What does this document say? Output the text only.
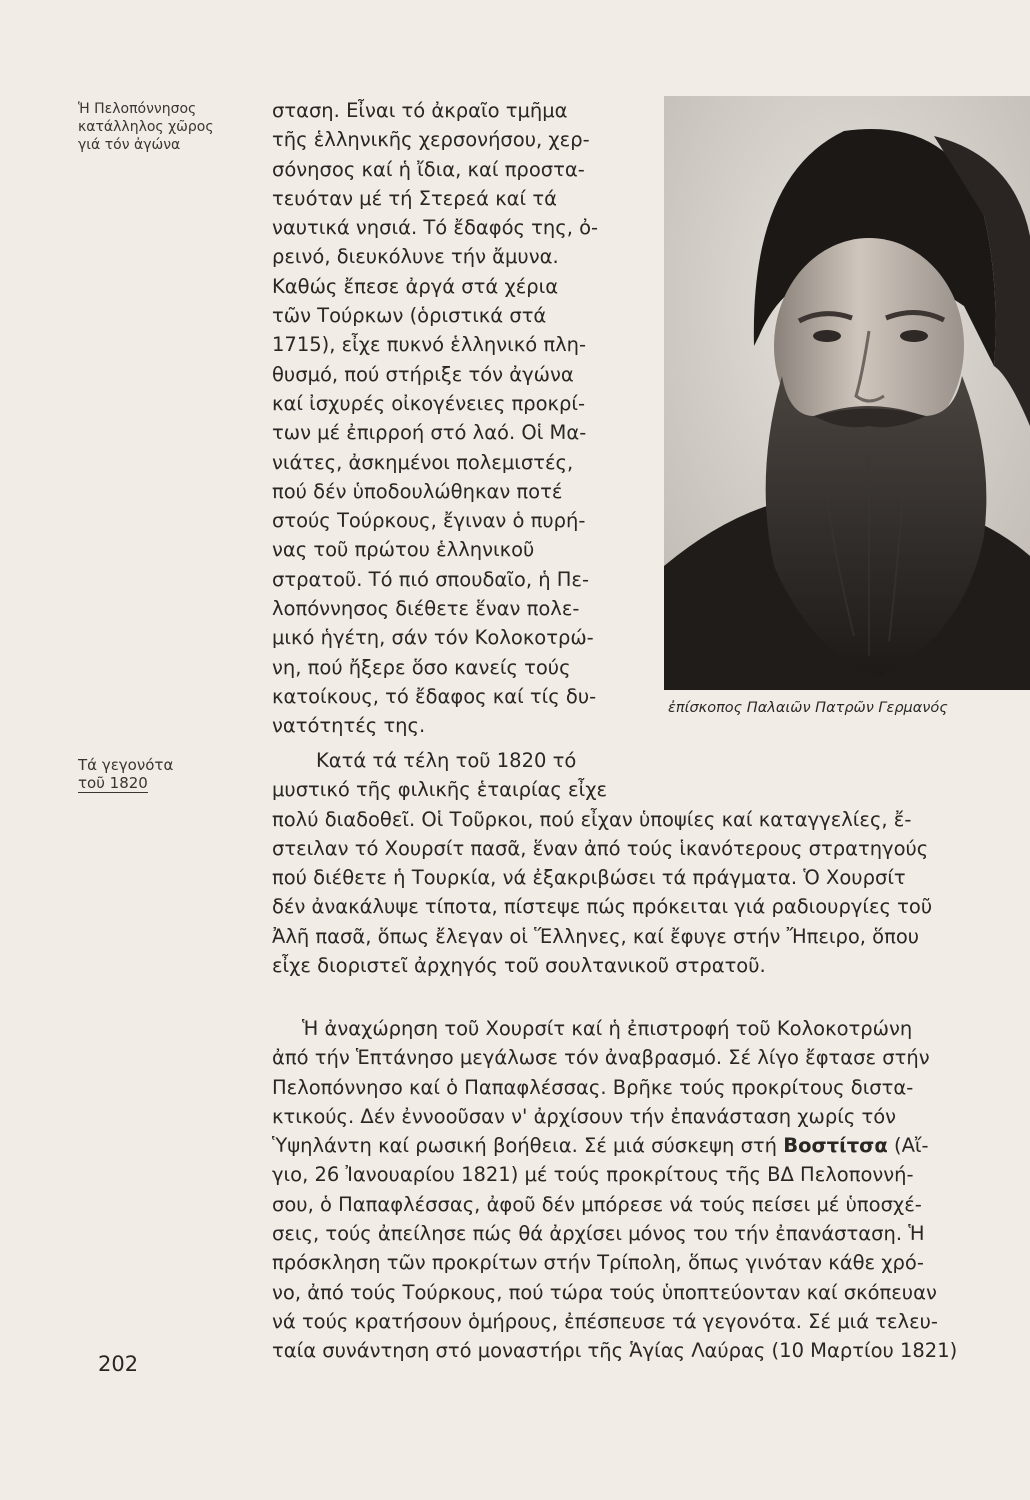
Ἡ Πελοπόννησος
κατάλληλος χῶρος
γιά τόν ἀγώνα
Τά γεγονότα
τοῦ 1820
σταση. Εἶναι τό ἀκραῖο τμῆμα
τῆς ἑλληνικῆς χερσονήσου, χερ-
σόνησος καί ἡ ἴδια, καί προστα-
τευόταν μέ τή Στερεά καί τά
ναυτικά νησιά. Τό ἔδαφός της, ὀ-
ρεινό, διευκόλυνε τήν ἄμυνα.
Καθώς ἔπεσε ἀργά στά χέρια
τῶν Τούρκων (ὁριστικά στά
1715), εἶχε πυκνό ἑλληνικό πλη-
θυσμό, πού στήριξε τόν ἀγώνα
καί ἰσχυρές οἰκογένειες προκρί-
των μέ ἐπιρροή στό λαό. Οἱ Μα-
νιάτες, ἀσκημένοι πολεμιστές,
πού δέν ὑποδουλώθηκαν ποτέ
στούς Τούρκους, ἔγιναν ὁ πυρή-
νας τοῦ πρώτου ἑλληνικοῦ
στρατοῦ. Τό πιό σπουδαῖο, ἡ Πε-
λοπόννησος διέθετε ἕναν πολε-
μικό ἡγέτη, σάν τόν Κολοκοτρώ-
νη, πού ἤξερε ὅσο κανείς τούς
κατοίκους, τό ἔδαφος καί τίς δυ-
νατότητές της.
ἐπίσκοπος Παλαιῶν Πατρῶν Γερμανός
Κατά τά τέλη τοῦ 1820 τό
μυστικό τῆς φιλικῆς ἑταιρίας εἶχε
πολύ διαδοθεῖ. Οἱ Τοῦρκοι, πού εἶχαν ὑποψίες καί καταγγελίες, ἔ-
στειλαν τό Χουρσίτ πασᾶ, ἕναν ἀπό τούς ἱκανότερους στρατηγούς
πού διέθετε ἡ Τουρκία, νά ἐξακριβώσει τά πράγματα. Ὁ Χουρσίτ
δέν ἀνακάλυψε τίποτα, πίστεψε πώς πρόκειται γιά ραδιουργίες τοῦ
Ἀλῆ πασᾶ, ὅπως ἔλεγαν οἱ Ἕλληνες, καί ἔφυγε στήν Ἤπειρο, ὅπου
εἶχε διοριστεῖ ἀρχηγός τοῦ σουλτανικοῦ στρατοῦ.
Ἡ ἀναχώρηση τοῦ Χουρσίτ καί ἡ ἐπιστροφή τοῦ Κολοκοτρώνη
ἀπό τήν Ἑπτάνησο μεγάλωσε τόν ἀναβρασμό. Σέ λίγο ἔφτασε στήν
Πελοπόννησο καί ὁ Παπαφλέσσας. Βρῆκε τούς προκρίτους διστα-
κτικούς. Δέν ἐννοοῦσαν ν' ἀρχίσουν τήν ἐπανάσταση χωρίς τόν
Ὑψηλάντη καί ρωσική βοήθεια. Σέ μιά σύσκεψη στή Βοστίτσα (Αἴ-
γιο, 26 Ἰανουαρίου 1821) μέ τούς προκρίτους τῆς ΒΔ Πελοποννή-
σου, ὁ Παπαφλέσσας, ἀφοῦ δέν μπόρεσε νά τούς πείσει μέ ὑποσχέ-
σεις, τούς ἀπείλησε πώς θά ἀρχίσει μόνος του τήν ἐπανάσταση. Ἡ
πρόσκληση τῶν προκρίτων στήν Τρίπολη, ὅπως γινόταν κάθε χρό-
νο, ἀπό τούς Τούρκους, πού τώρα τούς ὑποπτεύονταν καί σκόπευαν
νά τούς κρατήσουν ὁμήρους, ἐπέσπευσε τά γεγονότα. Σέ μιά τελευ-
ταία συνάντηση στό μοναστήρι τῆς Ἁγίας Λαύρας (10 Μαρτίου 1821)
202
